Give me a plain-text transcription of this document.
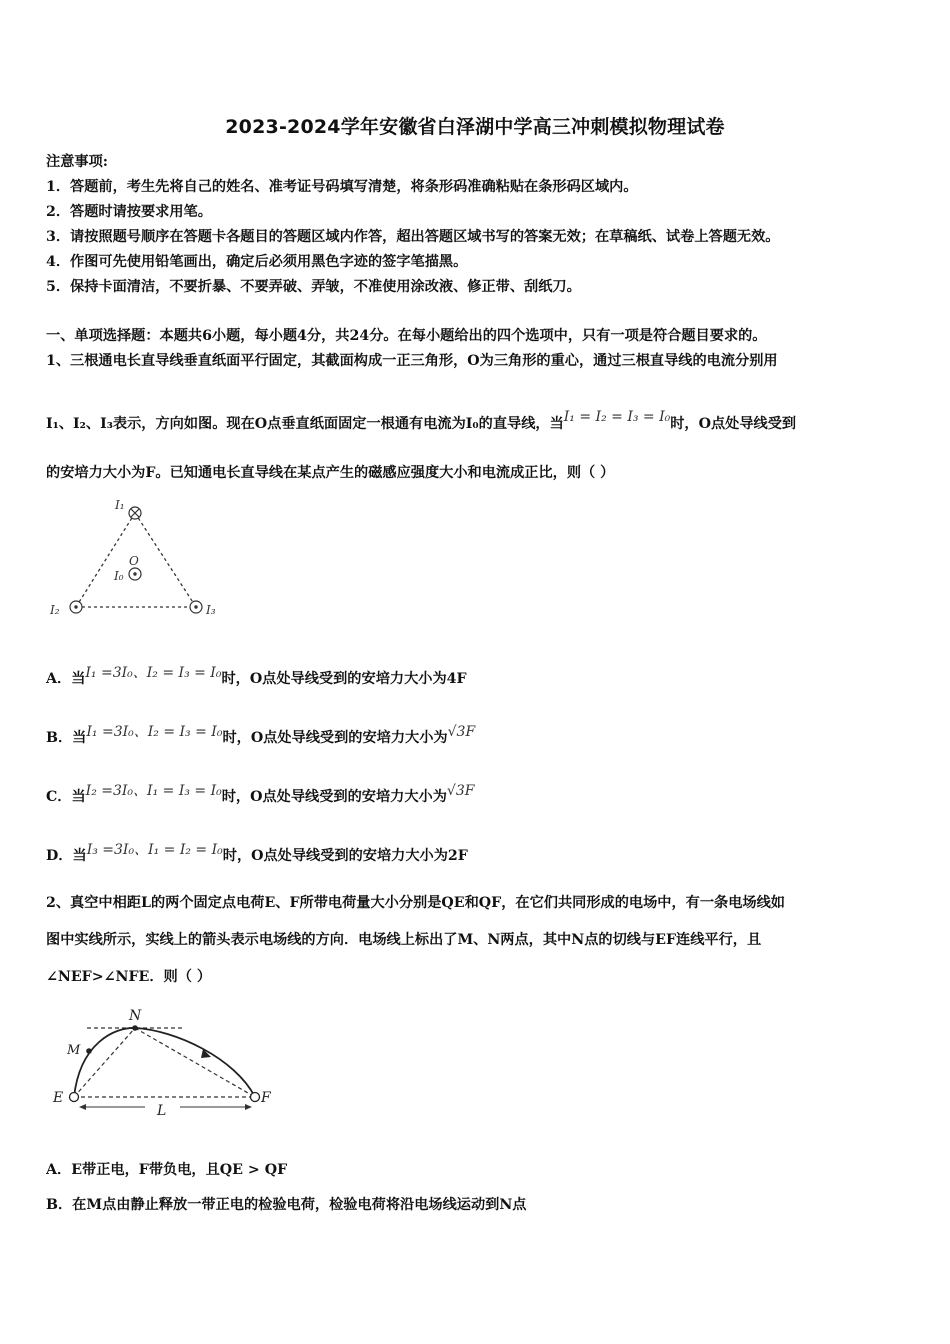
2023-2024学年安徽省白泽湖中学高三冲刺模拟物理试卷
注意事项:
1．答题前，考生先将自己的姓名、准考证号码填写清楚，将条形码准确粘贴在条形码区域内。
2．答题时请按要求用笔。
3．请按照题号顺序在答题卡各题目的答题区域内作答，超出答题区域书写的答案无效；在草稿纸、试卷上答题无效。
4．作图可先使用铅笔画出，确定后必须用黑色字迹的签字笔描黑。
5．保持卡面清洁，不要折暴、不要弄破、弄皱，不准使用涂改液、修正带、刮纸刀。
一、单项选择题：本题共6小题，每小题4分，共24分。在每小题给出的四个选项中，只有一项是符合题目要求的。
1、三根通电长直导线垂直纸面平行固定，其截面构成一正三角形，O为三角形的重心，通过三根直导线的电流分别用
I₁、I₂、I₃表示，方向如图。现在O点垂直纸面固定一根通有电流为I₀的直导线，当I₁ = I₂ = I₃ = I₀时，O点处导线受到
的安培力大小为F。已知通电长直导线在某点产生的磁感应强度大小和电流成正比，则（ ）
I₁
I₂	I₃
O
I₀
A．当I₁ =3I₀、I₂ = I₃ = I₀时，O点处导线受到的安培力大小为4F
B．当I₁ =3I₀、I₂ = I₃ = I₀时，O点处导线受到的安培力大小为√3F
C．当I₂ =3I₀、I₁ = I₃ = I₀时，O点处导线受到的安培力大小为√3F
D．当I₃ =3I₀、I₁ = I₂ = I₀时，O点处导线受到的安培力大小为2F
2、真空中相距L的两个固定点电荷E、F所带电荷量大小分别是QE和QF，在它们共同形成的电场中，有一条电场线如
图中实线所示，实线上的箭头表示电场线的方向．电场线上标出了M、N两点，其中N点的切线与EF连线平行，且
∠NEF>∠NFE．则（ ）
N
M
E	F
L
A．E带正电，F带负电，且QE > QF
B．在M点由静止释放一带正电的检验电荷，检验电荷将沿电场线运动到N点
